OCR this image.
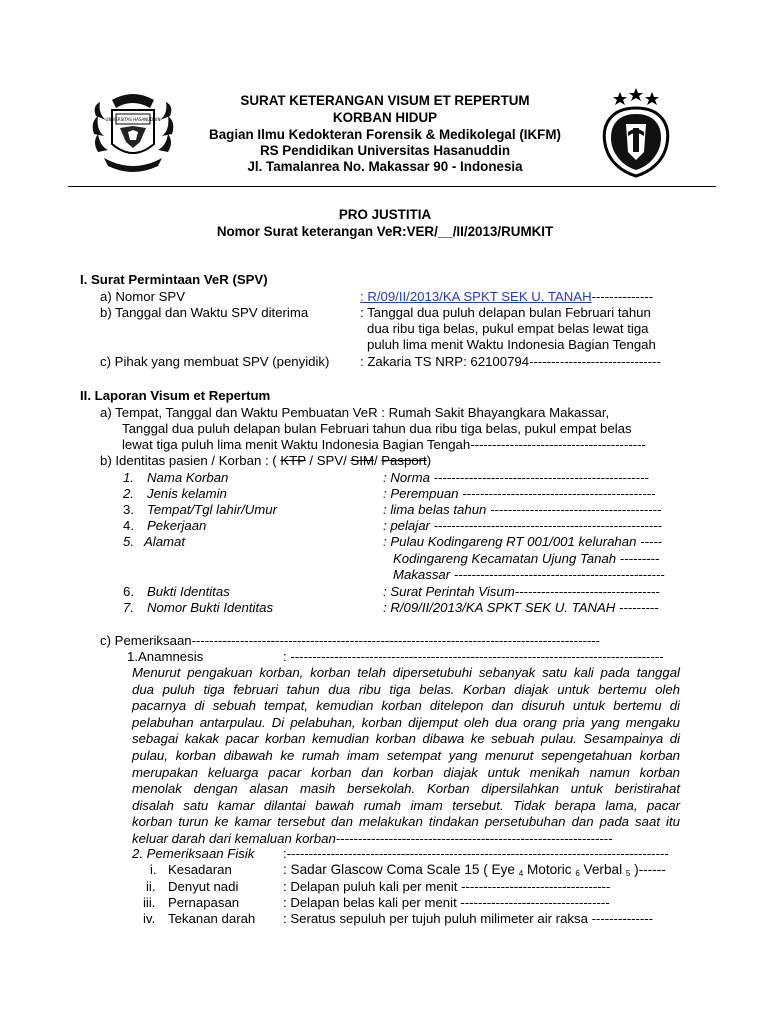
UNIVERSITAS HASANUDDIN
SURAT KETERANGAN VISUM ET REPERTUM
KORBAN HIDUP
Bagian Ilmu Kedokteran Forensik & Medikolegal (IKFM)
RS Pendidikan Universitas Hasanuddin
Jl. Tamalanrea No. Makassar 90 - Indonesia
PRO JUSTITIA
Nomor Surat keterangan VeR:VER/__/II/2013/RUMKIT
I. Surat Permintaan VeR (SPV)
a) Nomor SPV	: R/09/II/2013/KA SPKT SEK U. TANAH--------------
b) Tanggal dan Waktu SPV diterima	: Tanggal dua puluh delapan bulan Februari tahun
dua ribu tiga belas, pukul empat belas lewat tiga
puluh lima menit Waktu Indonesia Bagian Tengah
c) Pihak yang membuat SPV (penyidik) : Zakaria TS NRP: 62100794------------------------------
II. Laporan Visum et Repertum
a) Tempat, Tanggal dan Waktu Pembuatan VeR : Rumah Sakit Bhayangkara Makassar,
Tanggal dua puluh delapan bulan Februari tahun dua ribu tiga belas, pukul empat belas
lewat tiga puluh lima menit Waktu Indonesia Bagian Tengah----------------------------------------
b) Identitas pasien / Korban : ( KTP / SPV/ SIM/ Pasport)
1. Nama Korban	: Norma -------------------------------------------------
2. Jenis kelamin	: Perempuan --------------------------------------------
3. Tempat/Tgl lahir/Umur	: lima belas tahun ---------------------------------------
4. Pekerjaan	: pelajar ----------------------------------------------------
5. Alamat	: Pulau Kodingareng RT 001/001 kelurahan -----
Kodingareng Kecamatan Ujung Tanah ---------
Makassar ------------------------------------------------
6. Bukti Identitas	: Surat Perintah Visum---------------------------------
7. Nomor Bukti Identitas	: R/09/II/2013/KA SPKT SEK U. TANAH ---------
c) Pemeriksaan---------------------------------------------------------------------------------------------
1.Anamnesis	: -------------------------------------------------------------------------------------
Menurut pengakuan korban, korban telah dipersetubuhi sebanyak satu kali pada tanggal
dua puluh tiga februari tahun dua ribu tiga belas. Korban diajak untuk bertemu oleh
pacarnya di sebuah tempat, kemudian korban ditelepon dan disuruh untuk bertemu di
pelabuhan antarpulau. Di pelabuhan, korban dijemput oleh dua orang pria yang mengaku
sebagai kakak pacar korban kemudian korban dibawa ke sebuah pulau. Sesampainya di
pulau, korban dibawah ke rumah imam setempat yang menurut sepengetahuan korban
merupakan keluarga pacar korban dan korban diajak untuk menikah namun korban
menolak dengan alasan masih bersekolah. Korban dipersilahkan untuk beristirahat
disalah satu kamar dilantai bawah rumah imam tersebut. Tidak berapa lama, pacar
korban turun ke kamar tersebut dan melakukan tindakan persetubuhan dan pada saat itu
keluar darah dari kemaluan korban---------------------------------------------------------------
2. Pemeriksaan Fisik :---------------------------------------------------------------------------------------
i. Kesadaran	: Sadar Glascow Coma Scale 15 ( Eye $_4$ Motoric $_6$ Verbal $_5$ )------
ii. Denyut nadi	: Delapan puluh kali per menit ----------------------------------
iii. Pernapasan	: Delapan belas kali per menit ----------------------------------
iv. Tekanan darah : Seratus sepuluh per tujuh puluh milimeter air raksa --------------
